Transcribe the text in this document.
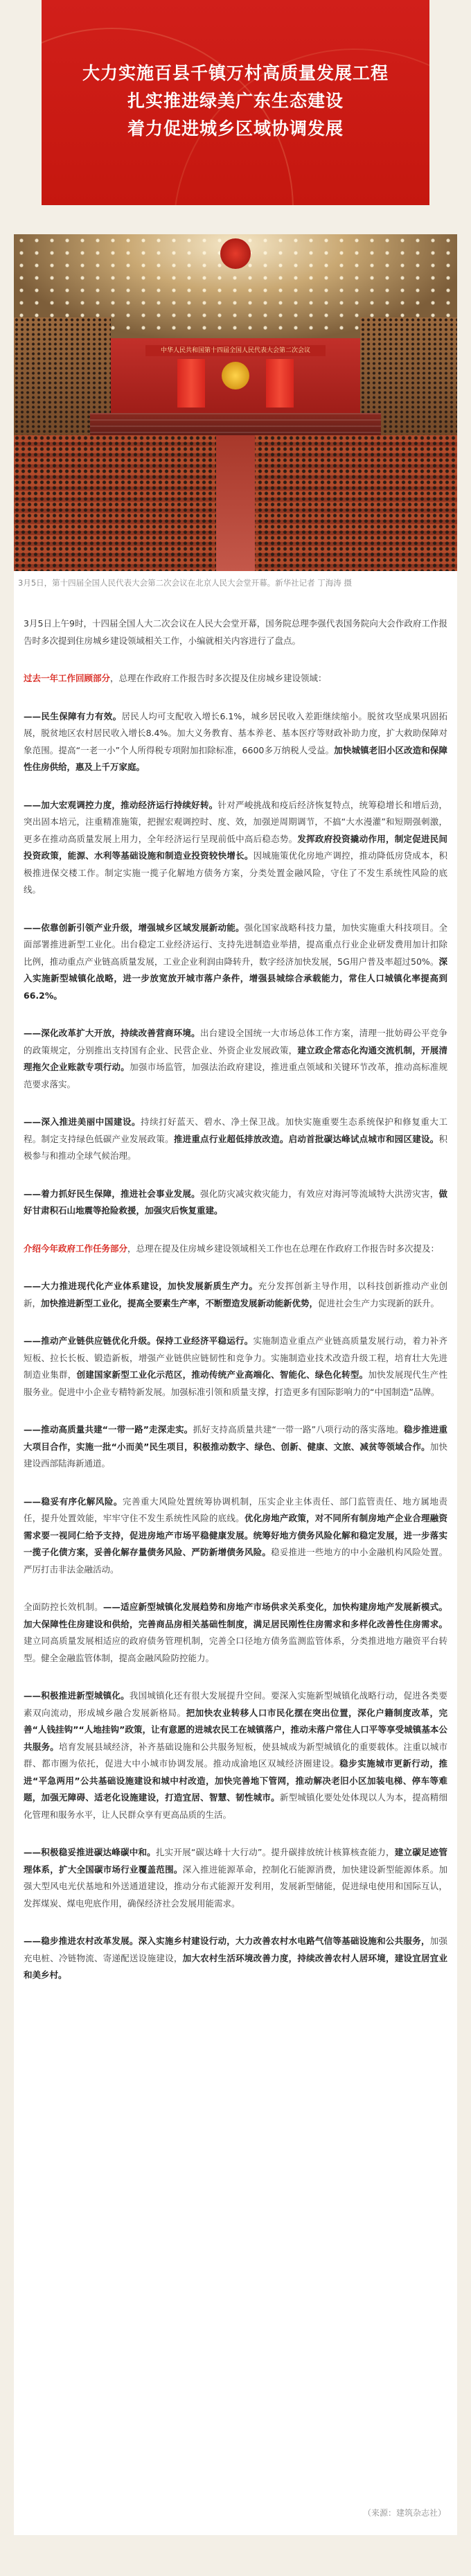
大力实施百县千镇万村高质量发展工程
扎实推进绿美广东生态建设
着力促进城乡区域协调发展
中华人民共和国第十四届全国人民代表大会第二次会议
3月5日，第十四届全国人民代表大会第二次会议在北京人民大会堂开幕。新华社记者 丁海涛 摄

3月5日上午9时，十四届全国人大二次会议在人民大会堂开幕，国务院总理李强代表国务院向大会作政府工作报告时多次提到住房城乡建设领域相关工作，小编就相关内容进行了盘点。

过去一年工作回顾部分，总理在作政府工作报告时多次提及住房城乡建设领域：

——民生保障有力有效。居民人均可支配收入增长6.1%，城乡居民收入差距继续缩小。脱贫攻坚成果巩固拓展，脱贫地区农村居民收入增长8.4%。加大义务教育、基本养老、基本医疗等财政补助力度，扩大救助保障对象范围。提高“一老一小”个人所得税专项附加扣除标准，6600多万纳税人受益。加快城镇老旧小区改造和保障性住房供给，惠及上千万家庭。

——加大宏观调控力度，推动经济运行持续好转。针对严峻挑战和疫后经济恢复特点，统筹稳增长和增后劲，突出固本培元，注重精准施策，把握宏观调控时、度、效，加强逆周期调节，不搞“大水漫灌”和短期强刺激，更多在推动高质量发展上用力，全年经济运行呈现前低中高后稳态势。发挥政府投资撬动作用，制定促进民间投资政策，能源、水利等基础设施和制造业投资较快增长。因城施策优化房地产调控，推动降低房贷成本，积极推进保交楼工作。制定实施一揽子化解地方债务方案，分类处置金融风险，守住了不发生系统性风险的底线。

——依靠创新引领产业升级，增强城乡区域发展新动能。强化国家战略科技力量，加快实施重大科技项目。全面部署推进新型工业化。出台稳定工业经济运行、支持先进制造业举措，提高重点行业企业研发费用加计扣除比例，推动重点产业链高质量发展，工业企业利润由降转升，数字经济加快发展，5G用户普及率超过50%。深入实施新型城镇化战略，进一步放宽放开城市落户条件，增强县城综合承载能力，常住人口城镇化率提高到66.2%。

——深化改革扩大开放，持续改善营商环境。出台建设全国统一大市场总体工作方案，清理一批妨碍公平竞争的政策规定，分别推出支持国有企业、民营企业、外资企业发展政策，建立政企常态化沟通交流机制，开展清理拖欠企业账款专项行动。加强市场监管，加强法治政府建设，推进重点领域和关键环节改革，推动高标准规范要求落实。

——深入推进美丽中国建设。持续打好蓝天、碧水、净土保卫战。加快实施重要生态系统保护和修复重大工程。制定支持绿色低碳产业发展政策。推进重点行业超低排放改造。启动首批碳达峰试点城市和园区建设。积极参与和推动全球气候治理。

——着力抓好民生保障，推进社会事业发展。强化防灾减灾救灾能力，有效应对海河等流域特大洪涝灾害，做好甘肃积石山地震等抢险救援，加强灾后恢复重建。

介绍今年政府工作任务部分，总理在提及住房城乡建设领域相关工作也在总理在作政府工作报告时多次提及：

——大力推进现代化产业体系建设，加快发展新质生产力。充分发挥创新主导作用，以科技创新推动产业创新，加快推进新型工业化，提高全要素生产率，不断塑造发展新动能新优势，促进社会生产力实现新的跃升。

——推动产业链供应链优化升级。保持工业经济平稳运行。实施制造业重点产业链高质量发展行动，着力补齐短板、拉长长板、锻造新板，增强产业链供应链韧性和竞争力。实施制造业技术改造升级工程，培育壮大先进制造业集群，创建国家新型工业化示范区，推动传统产业高端化、智能化、绿色化转型。加快发展现代生产性服务业。促进中小企业专精特新发展。加强标准引领和质量支撑，打造更多有国际影响力的“中国制造”品牌。

——推动高质量共建“一带一路”走深走实。抓好支持高质量共建“一带一路”八项行动的落实落地。稳步推进重大项目合作，实施一批“小而美”民生项目，积极推动数字、绿色、创新、健康、文旅、减贫等领域合作。加快建设西部陆海新通道。

——稳妥有序化解风险。完善重大风险处置统筹协调机制，压实企业主体责任、部门监管责任、地方属地责任，提升处置效能，牢牢守住不发生系统性风险的底线。优化房地产政策，对不同所有制房地产企业合理融资需求要一视同仁给予支持，促进房地产市场平稳健康发展。统筹好地方债务风险化解和稳定发展，进一步落实一揽子化债方案，妥善化解存量债务风险、严防新增债务风险。稳妥推进一些地方的中小金融机构风险处置。严厉打击非法金融活动。

全面防控长效机制。——适应新型城镇化发展趋势和房地产市场供求关系变化，加快构建房地产发展新模式。加大保障性住房建设和供给，完善商品房相关基础性制度，满足居民刚性住房需求和多样化改善性住房需求。建立同高质量发展相适应的政府债务管理机制，完善全口径地方债务监测监管体系，分类推进地方融资平台转型。健全金融监管体制，提高金融风险防控能力。

——积极推进新型城镇化。我国城镇化还有很大发展提升空间。要深入实施新型城镇化战略行动，促进各类要素双向流动，形成城乡融合发展新格局。把加快农业转移人口市民化摆在突出位置，深化户籍制度改革，完善“人钱挂钩”“人地挂钩”政策，让有意愿的进城农民工在城镇落户，推动未落户常住人口平等享受城镇基本公共服务。培育发展县域经济，补齐基础设施和公共服务短板，使县城成为新型城镇化的重要载体。注重以城市群、都市圈为依托，促进大中小城市协调发展。推动成渝地区双城经济圈建设。稳步实施城市更新行动，推进“平急两用”公共基础设施建设和城中村改造，加快完善地下管网，推动解决老旧小区加装电梯、停车等难题，加强无障碍、适老化设施建设，打造宜居、智慧、韧性城市。新型城镇化要处处体现以人为本，提高精细化管理和服务水平，让人民群众享有更高品质的生活。

——积极稳妥推进碳达峰碳中和。扎实开展“碳达峰十大行动”。提升碳排放统计核算核查能力，建立碳足迹管理体系，扩大全国碳市场行业覆盖范围。深入推进能源革命，控制化石能源消费，加快建设新型能源体系。加强大型风电光伏基地和外送通道建设，推动分布式能源开发利用，发展新型储能，促进绿电使用和国际互认，发挥煤炭、煤电兜底作用，确保经济社会发展用能需求。

——稳步推进农村改革发展。深入实施乡村建设行动，大力改善农村水电路气信等基础设施和公共服务，加强充电桩、冷链物流、寄递配送设施建设，加大农村生活环境改善力度，持续改善农村人居环境，建设宜居宜业和美乡村。

（来源：建筑杂志社）
